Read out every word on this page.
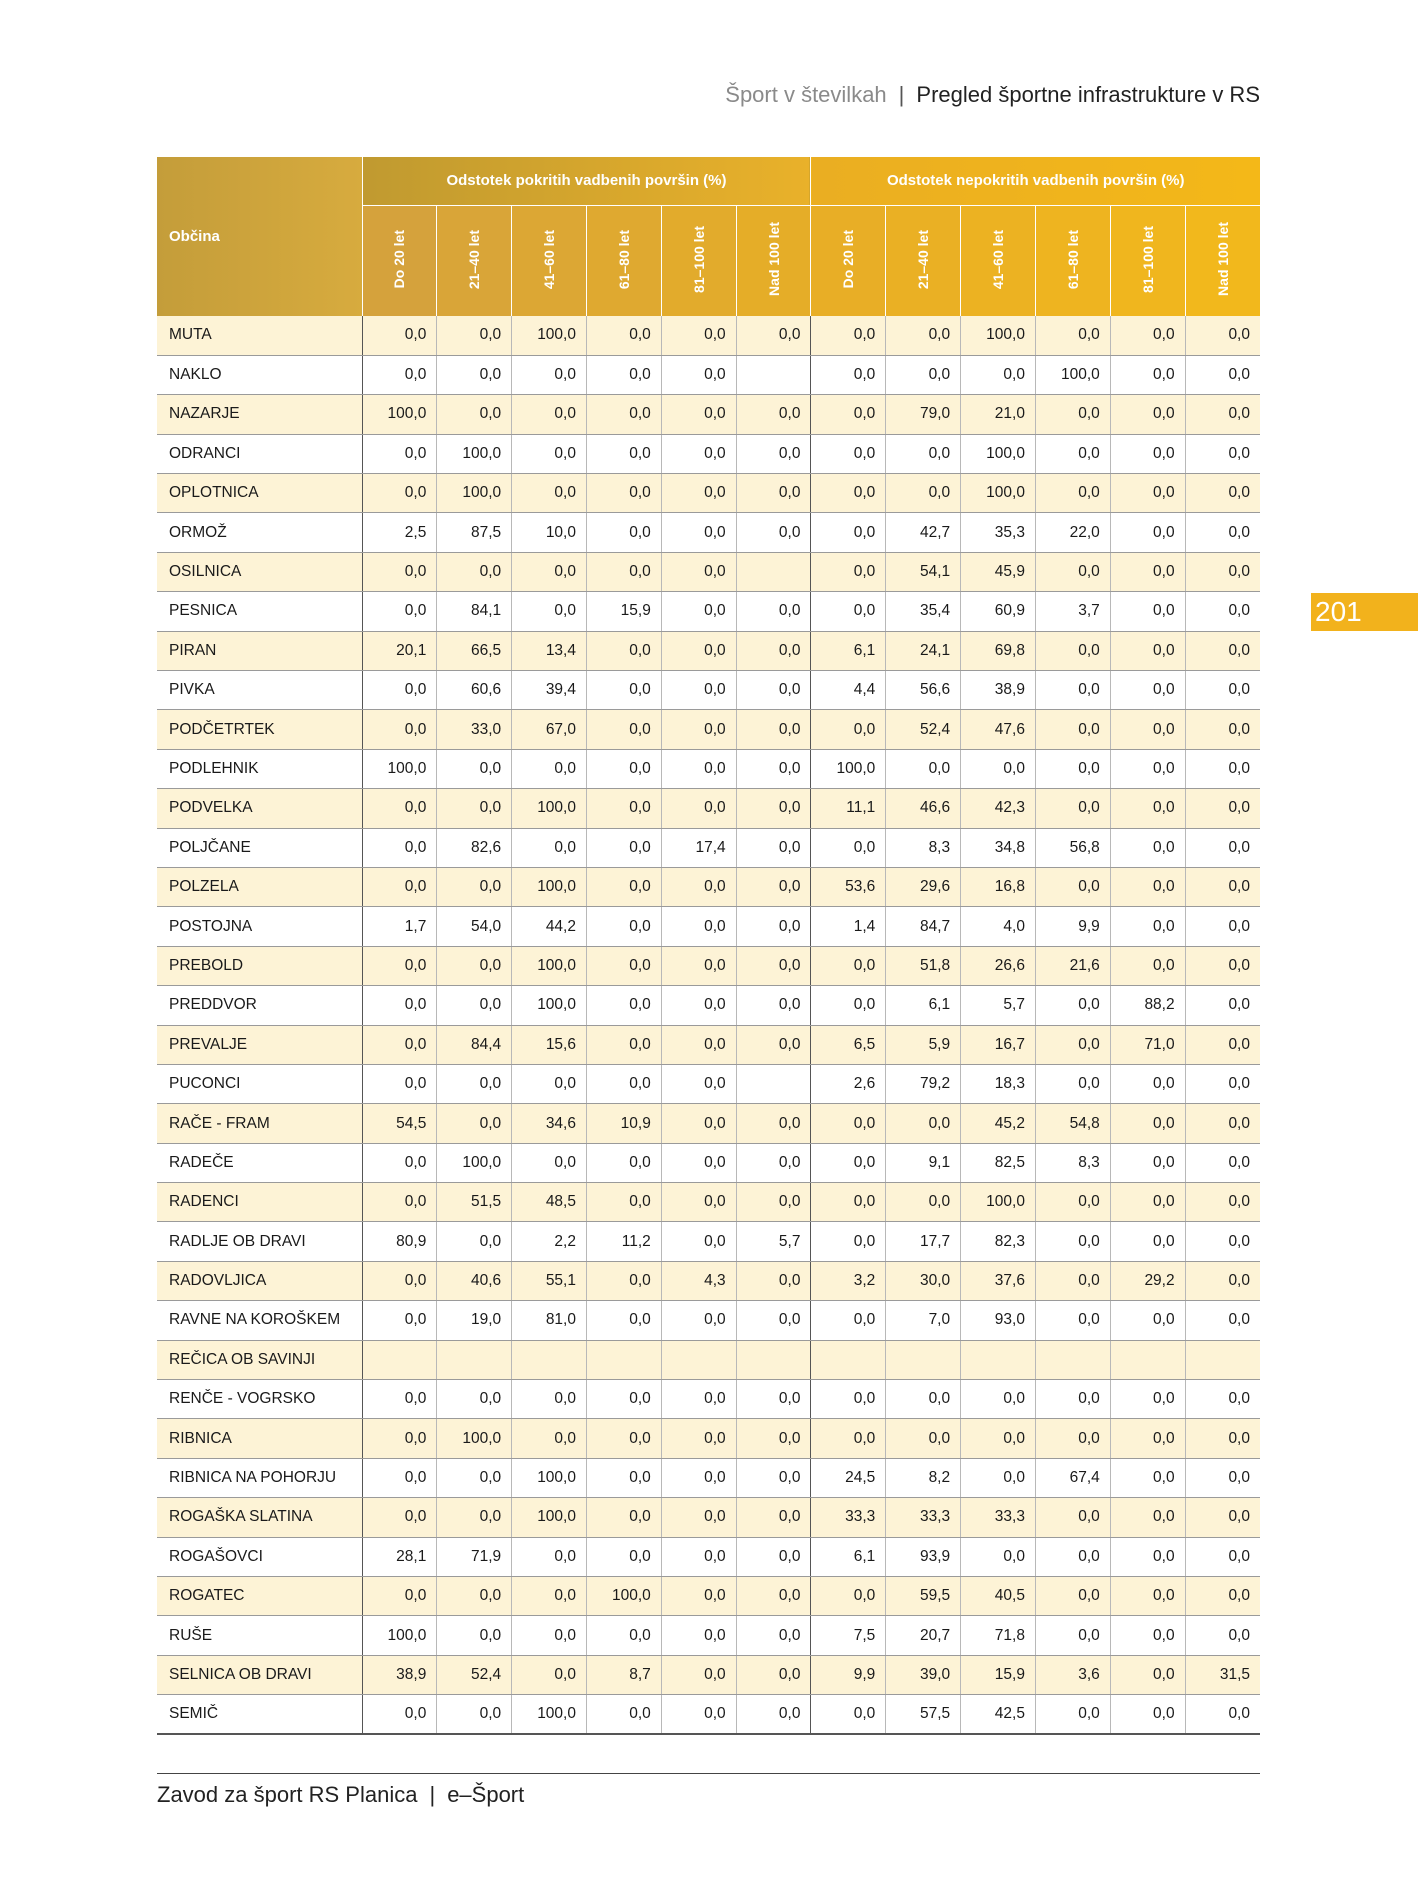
Šport v številkah | Pregled športne infrastrukture v RS
201
Občina	Odstotek pokritih vadbenih površin (%)						Odstotek nepokritih vadbenih površin (%)					
	Do 20 let	21–40 let	41–60 let	61–80 let	81–100 let	Nad 100 let	Do 20 let	21–40 let	41–60 let	61–80 let	81–100 let	Nad 100 let
MUTA	0,0	0,0	100,0	0,0	0,0	0,0	0,0	0,0	100,0	0,0	0,0	0,0
NAKLO	0,0	0,0	0,0	0,0	0,0		0,0	0,0	0,0	100,0	0,0	0,0
NAZARJE	100,0	0,0	0,0	0,0	0,0	0,0	0,0	79,0	21,0	0,0	0,0	0,0
ODRANCI	0,0	100,0	0,0	0,0	0,0	0,0	0,0	0,0	100,0	0,0	0,0	0,0
OPLOTNICA	0,0	100,0	0,0	0,0	0,0	0,0	0,0	0,0	100,0	0,0	0,0	0,0
ORMOŽ	2,5	87,5	10,0	0,0	0,0	0,0	0,0	42,7	35,3	22,0	0,0	0,0
OSILNICA	0,0	0,0	0,0	0,0	0,0		0,0	54,1	45,9	0,0	0,0	0,0
PESNICA	0,0	84,1	0,0	15,9	0,0	0,0	0,0	35,4	60,9	3,7	0,0	0,0
PIRAN	20,1	66,5	13,4	0,0	0,0	0,0	6,1	24,1	69,8	0,0	0,0	0,0
PIVKA	0,0	60,6	39,4	0,0	0,0	0,0	4,4	56,6	38,9	0,0	0,0	0,0
PODČETRTEK	0,0	33,0	67,0	0,0	0,0	0,0	0,0	52,4	47,6	0,0	0,0	0,0
PODLEHNIK	100,0	0,0	0,0	0,0	0,0	0,0	100,0	0,0	0,0	0,0	0,0	0,0
PODVELKA	0,0	0,0	100,0	0,0	0,0	0,0	11,1	46,6	42,3	0,0	0,0	0,0
POLJČANE	0,0	82,6	0,0	0,0	17,4	0,0	0,0	8,3	34,8	56,8	0,0	0,0
POLZELA	0,0	0,0	100,0	0,0	0,0	0,0	53,6	29,6	16,8	0,0	0,0	0,0
POSTOJNA	1,7	54,0	44,2	0,0	0,0	0,0	1,4	84,7	4,0	9,9	0,0	0,0
PREBOLD	0,0	0,0	100,0	0,0	0,0	0,0	0,0	51,8	26,6	21,6	0,0	0,0
PREDDVOR	0,0	0,0	100,0	0,0	0,0	0,0	0,0	6,1	5,7	0,0	88,2	0,0
PREVALJE	0,0	84,4	15,6	0,0	0,0	0,0	6,5	5,9	16,7	0,0	71,0	0,0
PUCONCI	0,0	0,0	0,0	0,0	0,0		2,6	79,2	18,3	0,0	0,0	0,0
RAČE - FRAM	54,5	0,0	34,6	10,9	0,0	0,0	0,0	0,0	45,2	54,8	0,0	0,0
RADEČE	0,0	100,0	0,0	0,0	0,0	0,0	0,0	9,1	82,5	8,3	0,0	0,0
RADENCI	0,0	51,5	48,5	0,0	0,0	0,0	0,0	0,0	100,0	0,0	0,0	0,0
RADLJE OB DRAVI	80,9	0,0	2,2	11,2	0,0	5,7	0,0	17,7	82,3	0,0	0,0	0,0
RADOVLJICA	0,0	40,6	55,1	0,0	4,3	0,0	3,2	30,0	37,6	0,0	29,2	0,0
RAVNE NA KOROŠKEM	0,0	19,0	81,0	0,0	0,0	0,0	0,0	7,0	93,0	0,0	0,0	0,0
REČICA OB SAVINJI												
RENČE - VOGRSKO	0,0	0,0	0,0	0,0	0,0	0,0	0,0	0,0	0,0	0,0	0,0	0,0
RIBNICA	0,0	100,0	0,0	0,0	0,0	0,0	0,0	0,0	0,0	0,0	0,0	0,0
RIBNICA NA POHORJU	0,0	0,0	100,0	0,0	0,0	0,0	24,5	8,2	0,0	67,4	0,0	0,0
ROGAŠKA SLATINA	0,0	0,0	100,0	0,0	0,0	0,0	33,3	33,3	33,3	0,0	0,0	0,0
ROGAŠOVCI	28,1	71,9	0,0	0,0	0,0	0,0	6,1	93,9	0,0	0,0	0,0	0,0
ROGATEC	0,0	0,0	0,0	100,0	0,0	0,0	0,0	59,5	40,5	0,0	0,0	0,0
RUŠE	100,0	0,0	0,0	0,0	0,0	0,0	7,5	20,7	71,8	0,0	0,0	0,0
SELNICA OB DRAVI	38,9	52,4	0,0	8,7	0,0	0,0	9,9	39,0	15,9	3,6	0,0	31,5
SEMIČ	0,0	0,0	100,0	0,0	0,0	0,0	0,0	57,5	42,5	0,0	0,0	0,0
Zavod za šport RS Planica | e–Šport
